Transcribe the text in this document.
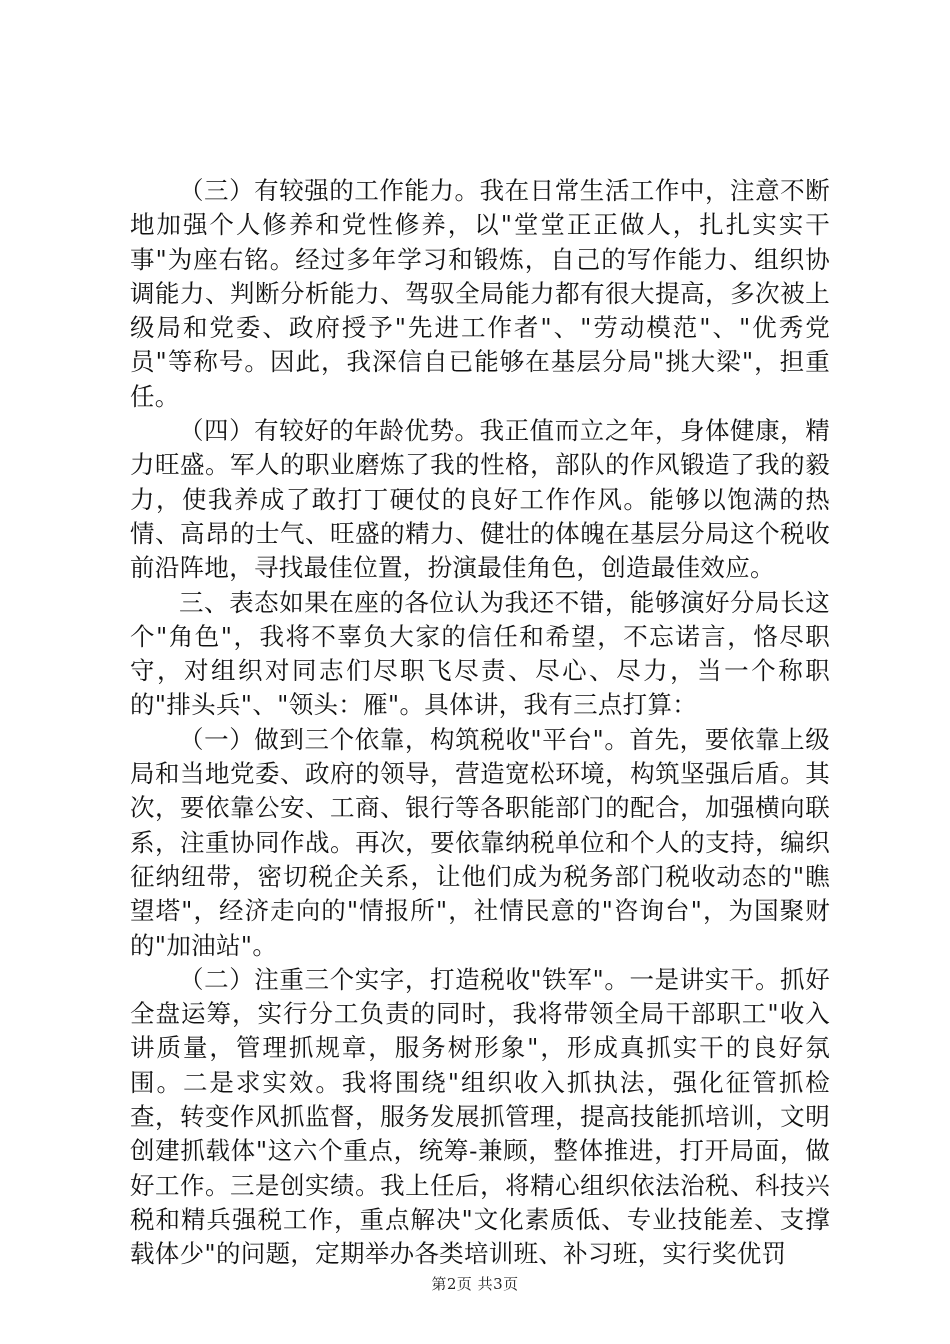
（三）有较强的工作能力。我在日常生活工作中，注意不断地加强个人修养和党性修养，以"堂堂正正做人，扎扎实实干事"为座右铭。经过多年学习和锻炼，自己的写作能力、组织协调能力、判断分析能力、驾驭全局能力都有很大提高，多次被上级局和党委、政府授予"先进工作者"、"劳动模范"、"优秀党员"等称号。因此，我深信自已能够在基层分局"挑大梁"，担重任。

（四）有较好的年龄优势。我正值而立之年，身体健康，精力旺盛。军人的职业磨炼了我的性格，部队的作风锻造了我的毅力，使我养成了敢打丁硬仗的良好工作作风。能够以饱满的热情、高昂的士气、旺盛的精力、健壮的体魄在基层分局这个税收前沿阵地，寻找最佳位置，扮演最佳角色，创造最佳效应。

三、表态如果在座的各位认为我还不错，能够演好分局长这个"角色"，我将不辜负大家的信任和希望，不忘诺言，恪尽职守，对组织对同志们尽职飞尽责、尽心、尽力，当一个称职的"排头兵"、"领头：雁"。具体讲，我有三点打算：

（一）做到三个依靠，构筑税收"平台"。首先，要依靠上级局和当地党委、政府的领导，营造宽松环境，构筑坚强后盾。其次，要依靠公安、工商、银行等各职能部门的配合，加强横向联系，注重协同作战。再次，要依靠纳税单位和个人的支持，编织征纳纽带，密切税企关系，让他们成为税务部门税收动态的"瞧望塔"，经济走向的"情报所"，社情民意的"咨询台"，为国聚财的"加油站"。

（二）注重三个实字，打造税收"铁军"。一是讲实干。抓好全盘运筹，实行分工负责的同时，我将带领全局干部职工"收入讲质量，管理抓规章，服务树形象"，形成真抓实干的良好氛围。二是求实效。我将围绕"组织收入抓执法，强化征管抓检查，转变作风抓监督，服务发展抓管理，提高技能抓培训，文明创建抓载体"这六个重点，统筹-兼顾，整体推进，打开局面，做好工作。三是创实绩。我上任后，将精心组织依法治税、科技兴税和精兵强税工作，重点解决"文化素质低、专业技能差、支撑载体少"的问题，定期举办各类培训班、补习班，实行奖优罚

第2页 共3页
